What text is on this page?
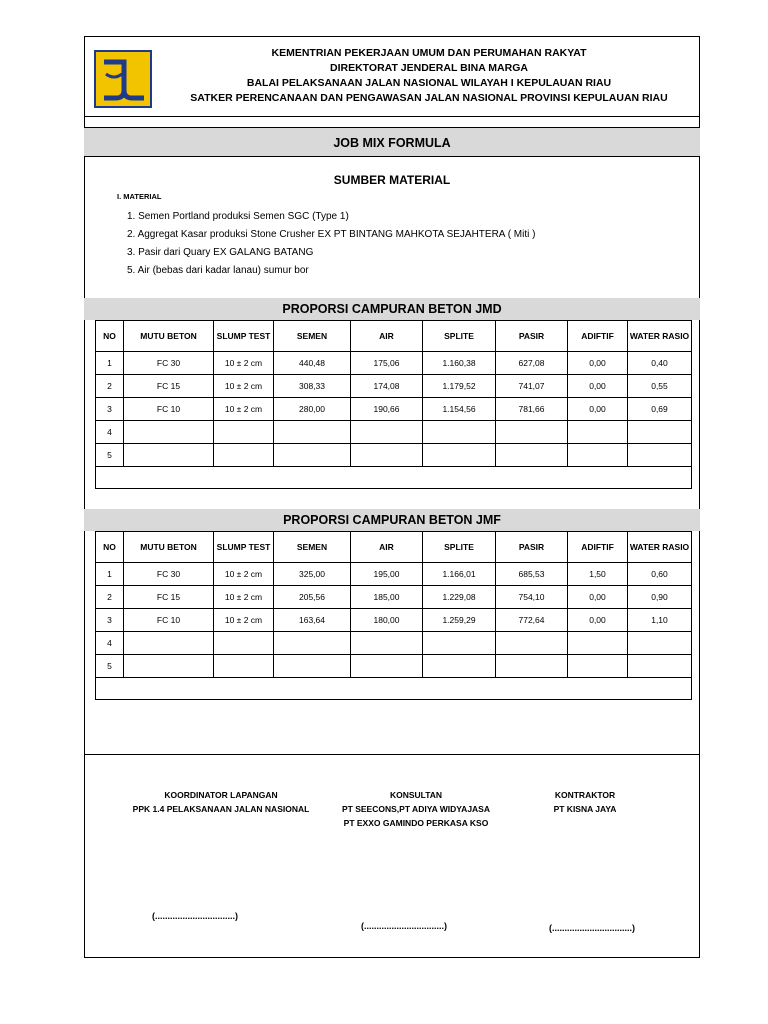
KEMENTRIAN PEKERJAAN UMUM DAN PERUMAHAN RAKYAT
DIREKTORAT JENDERAL BINA MARGA
BALAI PELAKSANAAN JALAN NASIONAL WILAYAH I KEPULAUAN RIAU
SATKER PERENCANAAN DAN PENGAWASAN JALAN NASIONAL PROVINSI KEPULAUAN RIAU
JOB MIX FORMULA
SUMBER MATERIAL
I. MATERIAL
1. Semen Portland produksi Semen SGC (Type 1)
2. Aggregat Kasar produksi Stone Crusher EX PT BINTANG MAHKOTA SEJAHTERA ( Miti )
3. Pasir dari Quary EX GALANG BATANG
5. Air (bebas dari kadar lanau) sumur bor
PROPORSI CAMPURAN BETON JMD
NO	MUTU BETON	SLUMP TEST	SEMEN	AIR	SPLITE	PASIR	ADIFTIF	WATER RASIO
1	FC 30	10 ± 2 cm	440,48	175,06	1.160,38	627,08	0,00	0,40
2	FC 15	10 ± 2 cm	308,33	174,08	1.179,52	741,07	0,00	0,55
3	FC 10	10 ± 2 cm	280,00	190,66	1.154,56	781,66	0,00	0,69
4								
5								

PROPORSI CAMPURAN BETON JMF
NO	MUTU BETON	SLUMP TEST	SEMEN	AIR	SPLITE	PASIR	ADIFTIF	WATER RASIO
1	FC 30	10 ± 2 cm	325,00	195,00	1.166,01	685,53	1,50	0,60
2	FC 15	10 ± 2 cm	205,56	185,00	1.229,08	754,10	0,00	0,90
3	FC 10	10 ± 2 cm	163,64	180,00	1.259,29	772,64	0,00	1,10
4								
5								

KOORDINATOR LAPANGAN
PPK 1.4 PELAKSANAAN JALAN NASIONAL
KONSULTAN
PT SEECONS,PT ADIYA WIDYAJASA
PT EXXO GAMINDO PERKASA KSO
KONTRAKTOR
PT KISNA JAYA
(................................)
(................................)	(................................)
